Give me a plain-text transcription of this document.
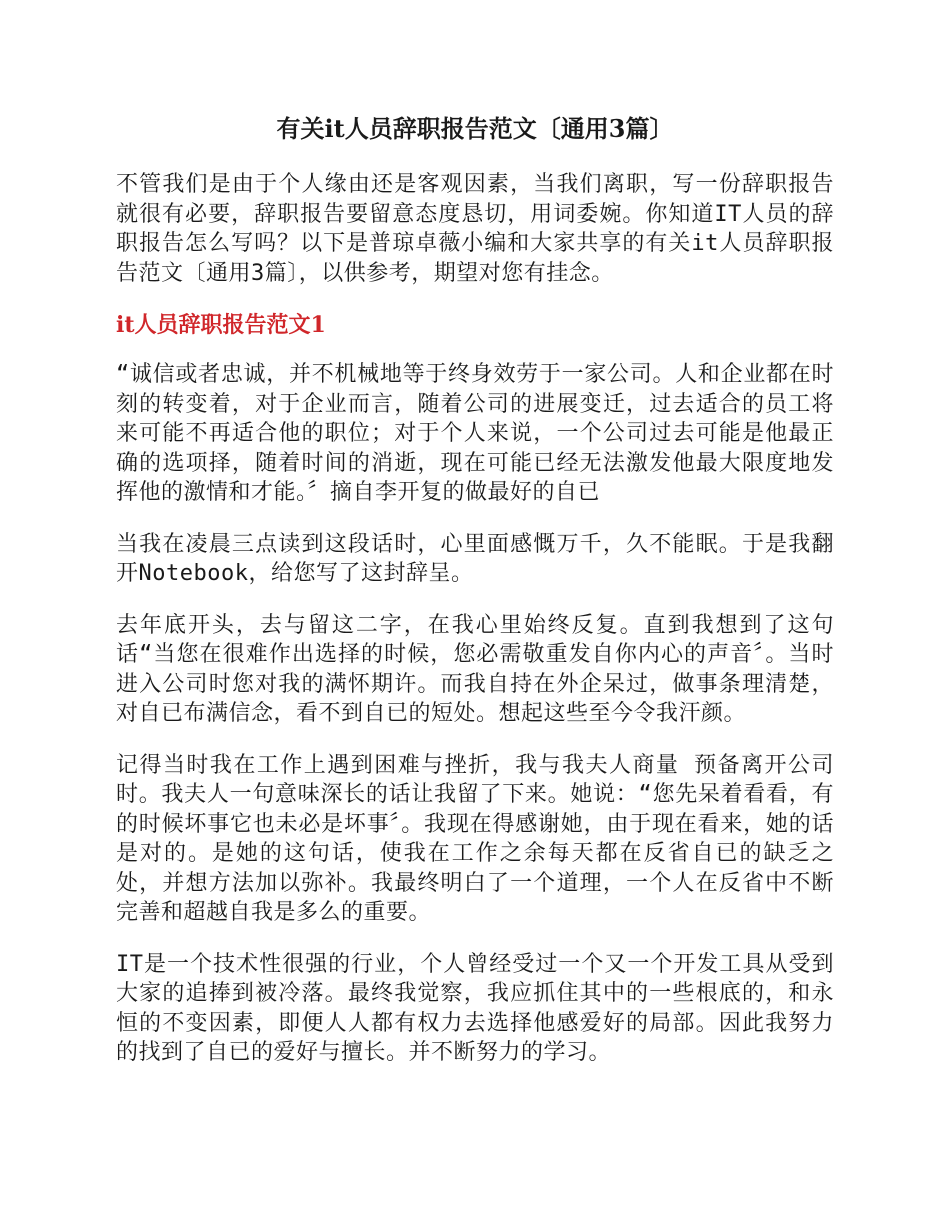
有关it人员辞职报告范文〔通用3篇〕

不管我们是由于个人缘由还是客观因素，当我们离职，写一份辞职报告就很有必要，辞职报告要留意态度恳切，用词委婉。你知道IT人员的辞职报告怎么写吗？以下是普琼卓薇小编和大家共享的有关it人员辞职报告范文〔通用3篇〕，以供参考，期望对您有挂念。

it人员辞职报告范文1

“诚信或者忠诚，并不机械地等于终身效劳于一家公司。人和企业都在时刻的转变着，对于企业而言，随着公司的进展变迁，过去适合的员工将来可能不再适合他的职位；对于个人来说，一个公司过去可能是他最正确的选项择，随着时间的消逝，现在可能已经无法激发他最大限度地发挥他的激情和才能。〞摘自李开复的做最好的自已

当我在凌晨三点读到这段话时，心里面感慨万千，久不能眠。于是我翻开Notebook，给您写了这封辞呈。

去年底开头，去与留这二字，在我心里始终反复。直到我想到了这句话“当您在很难作出选择的时候，您必需敬重发自你内心的声音〞。当时进入公司时您对我的满怀期许。而我自持在外企呆过，做事条理清楚，对自已布满信念，看不到自已的短处。想起这些至今令我汗颜。

记得当时我在工作上遇到困难与挫折，我与我夫人商量 预备离开公司时。我夫人一句意味深长的话让我留了下来。她说：“您先呆着看看，有的时候坏事它也未必是坏事〞。我现在得感谢她，由于现在看来，她的话是对的。是她的这句话，使我在工作之余每天都在反省自已的缺乏之处，并想方法加以弥补。我最终明白了一个道理，一个人在反省中不断完善和超越自我是多么的重要。

IT是一个技术性很强的行业，个人曾经受过一个又一个开发工具从受到大家的追捧到被冷落。最终我觉察，我应抓住其中的一些根底的，和永恒的不变因素，即便人人都有权力去选择他感爱好的局部。因此我努力的找到了自已的爱好与擅长。并不断努力的学习。
